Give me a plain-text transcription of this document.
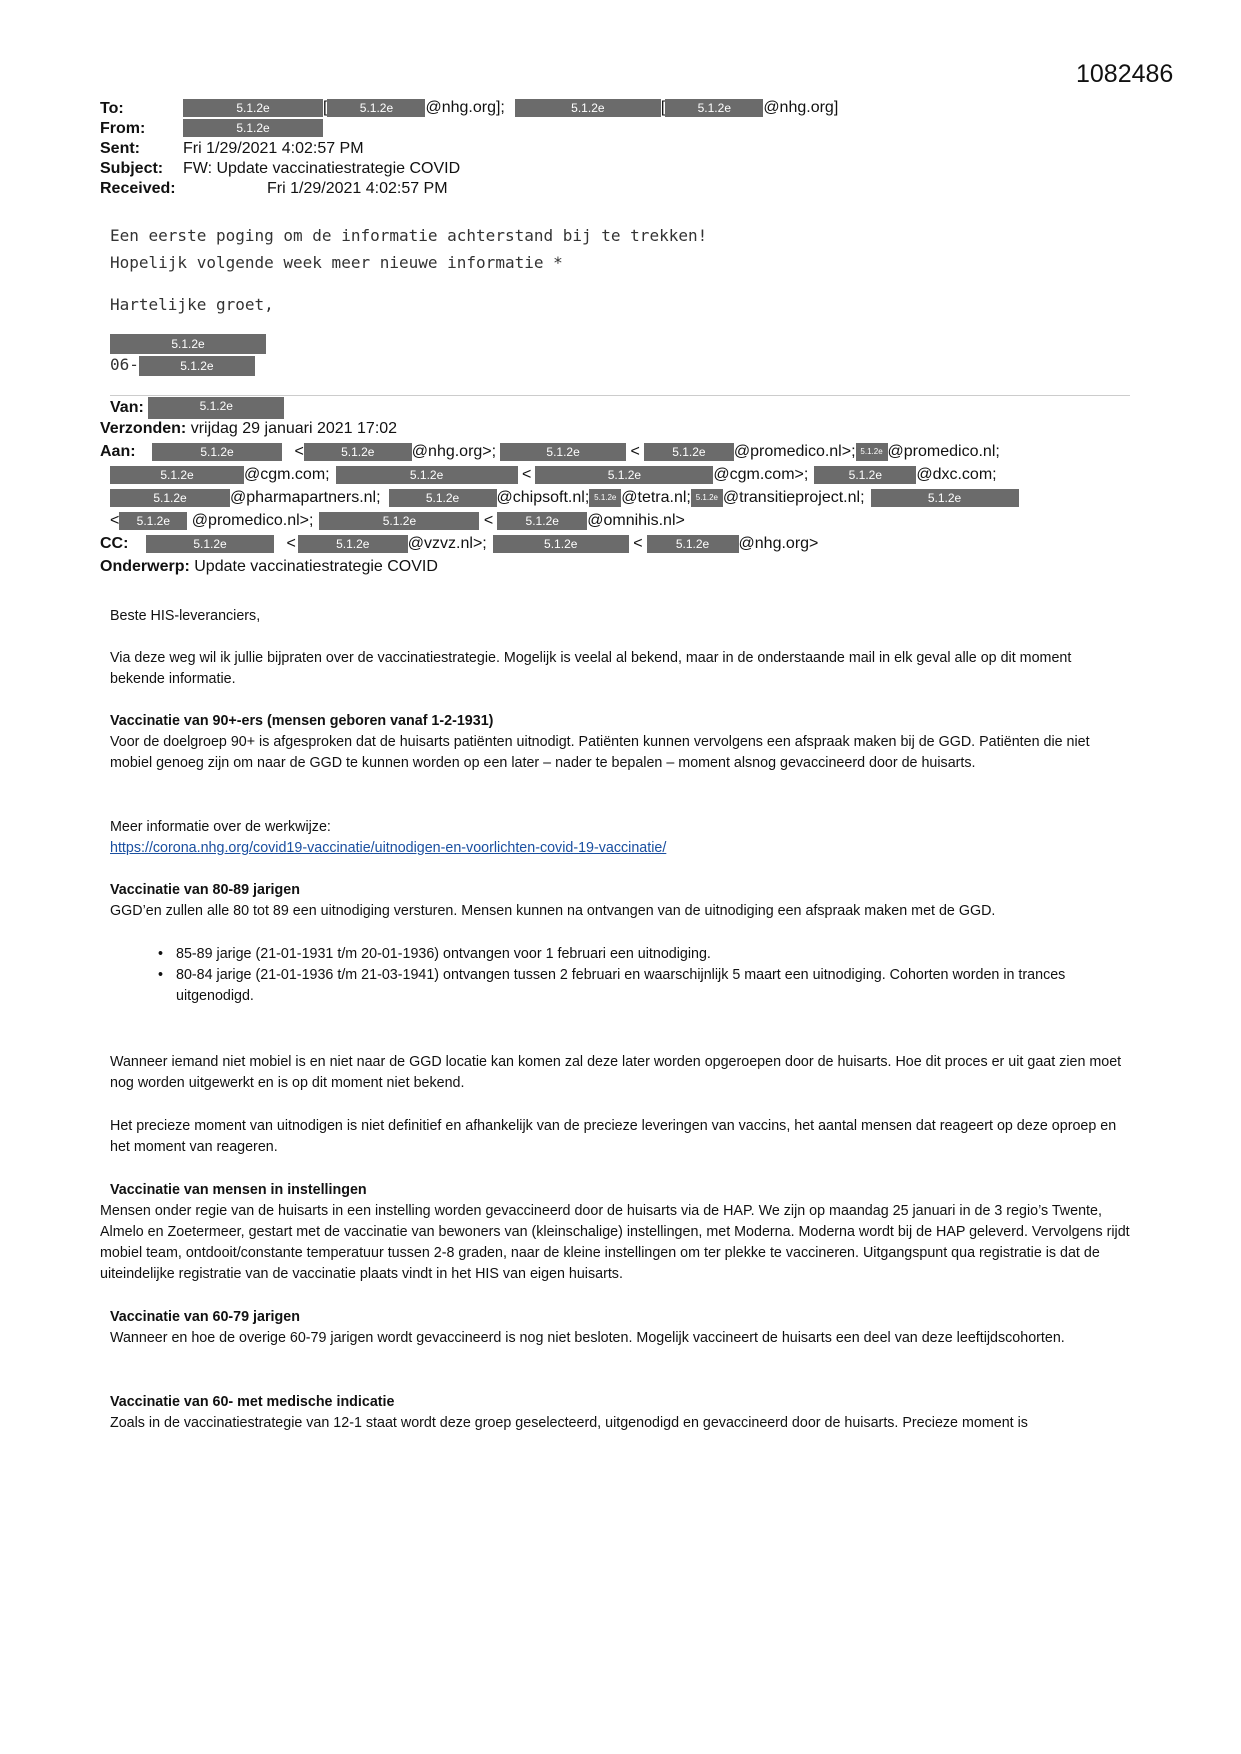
1082486
To:	5.1.2e	[	5.1.2e @nhg.org];	5.1.2e	[	5.1.2e @nhg.org]
From:	5.1.2e
Sent:	Fri 1/29/2021 4:02:57 PM
Subject: FW: Update vaccinatiestrategie COVID
Received:	Fri 1/29/2021 4:02:57 PM
Een eerste poging om de informatie achterstand bij te trekken!
Hopelijk volgende week meer nieuwe informatie *
Hartelijke groet,
5.1.2e
06-	5.1.2e
Van:	5.1.2e
Verzonden: vrijdag 29 januari 2021 17:02
Aan:	5.1.2e	<	5.1.2e @nhg.org>;	5.1.2e	<	5.1.2e @promedico.nl>; 5.1.2e @promedico.nl;
5.1.2e	@cgm.com;	5.1.2e	<	5.1.2e	@cgm.com>;	5.1.2e @dxc.com;
5.1.2e	@pharmapartners.nl;	5.1.2e @chipsoft.nl; 5.1.2e @tetra.nl; 5.1.2e @transitieproject.nl;	5.1.2e
< 5.1.2e @promedico.nl>;	5.1.2e	<	5.1.2e @omnihis.nl>
CC:	5.1.2e	<	5.1.2e @vzvz.nl>;	5.1.2e	<	5.1.2e @nhg.org>
Onderwerp: Update vaccinatiestrategie COVID
Beste HIS-leveranciers,
Via deze weg wil ik jullie bijpraten over de vaccinatiestrategie. Mogelijk is veelal al bekend, maar in de onderstaande mail in elk geval alle op dit moment bekende informatie.
Vaccinatie van 90+-ers (mensen geboren vanaf 1-2-1931)
Voor de doelgroep 90+ is afgesproken dat de huisarts patiënten uitnodigt. Patiënten kunnen vervolgens een afspraak maken bij de GGD. Patiënten die niet mobiel genoeg zijn om naar de GGD te kunnen worden op een later – nader te bepalen – moment alsnog gevaccineerd door de huisarts.
Meer informatie over de werkwijze:
https://corona.nhg.org/covid19-vaccinatie/uitnodigen-en-voorlichten-covid-19-vaccinatie/
Vaccinatie van 80-89 jarigen
GGD’en zullen alle 80 tot 89 een uitnodiging versturen. Mensen kunnen na ontvangen van de uitnodiging een afspraak maken met de GGD.
• 85-89 jarige (21-01-1931 t/m 20-01-1936) ontvangen voor 1 februari een uitnodiging.
• 80-84 jarige (21-01-1936 t/m 21-03-1941) ontvangen tussen 2 februari en waarschijnlijk 5 maart een uitnodiging. Cohorten worden in trances uitgenodigd.
Wanneer iemand niet mobiel is en niet naar de GGD locatie kan komen zal deze later worden opgeroepen door de huisarts. Hoe dit proces er uit gaat zien moet nog worden uitgewerkt en is op dit moment niet bekend.
Het precieze moment van uitnodigen is niet definitief en afhankelijk van de precieze leveringen van vaccins, het aantal mensen dat reageert op deze oproep en het moment van reageren.
Vaccinatie van mensen in instellingen
Mensen onder regie van de huisarts in een instelling worden gevaccineerd door de huisarts via de HAP. We zijn op maandag 25 januari in de 3 regio’s Twente, Almelo en Zoetermeer, gestart met de vaccinatie van bewoners van (kleinschalige) instellingen, met Moderna. Moderna wordt bij de HAP geleverd. Vervolgens rijdt mobiel team, ontdooit/constante temperatuur tussen 2-8 graden, naar de kleine instellingen om ter plekke te vaccineren. Uitgangspunt qua registratie is dat de uiteindelijke registratie van de vaccinatie plaats vindt in het HIS van eigen huisarts.
Vaccinatie van 60-79 jarigen
Wanneer en hoe de overige 60-79 jarigen wordt gevaccineerd is nog niet besloten. Mogelijk vaccineert de huisarts een deel van deze leeftijdscohorten.
Vaccinatie van 60- met medische indicatie
Zoals in de vaccinatiestrategie van 12-1 staat wordt deze groep geselecteerd, uitgenodigd en gevaccineerd door de huisarts. Precieze moment is
